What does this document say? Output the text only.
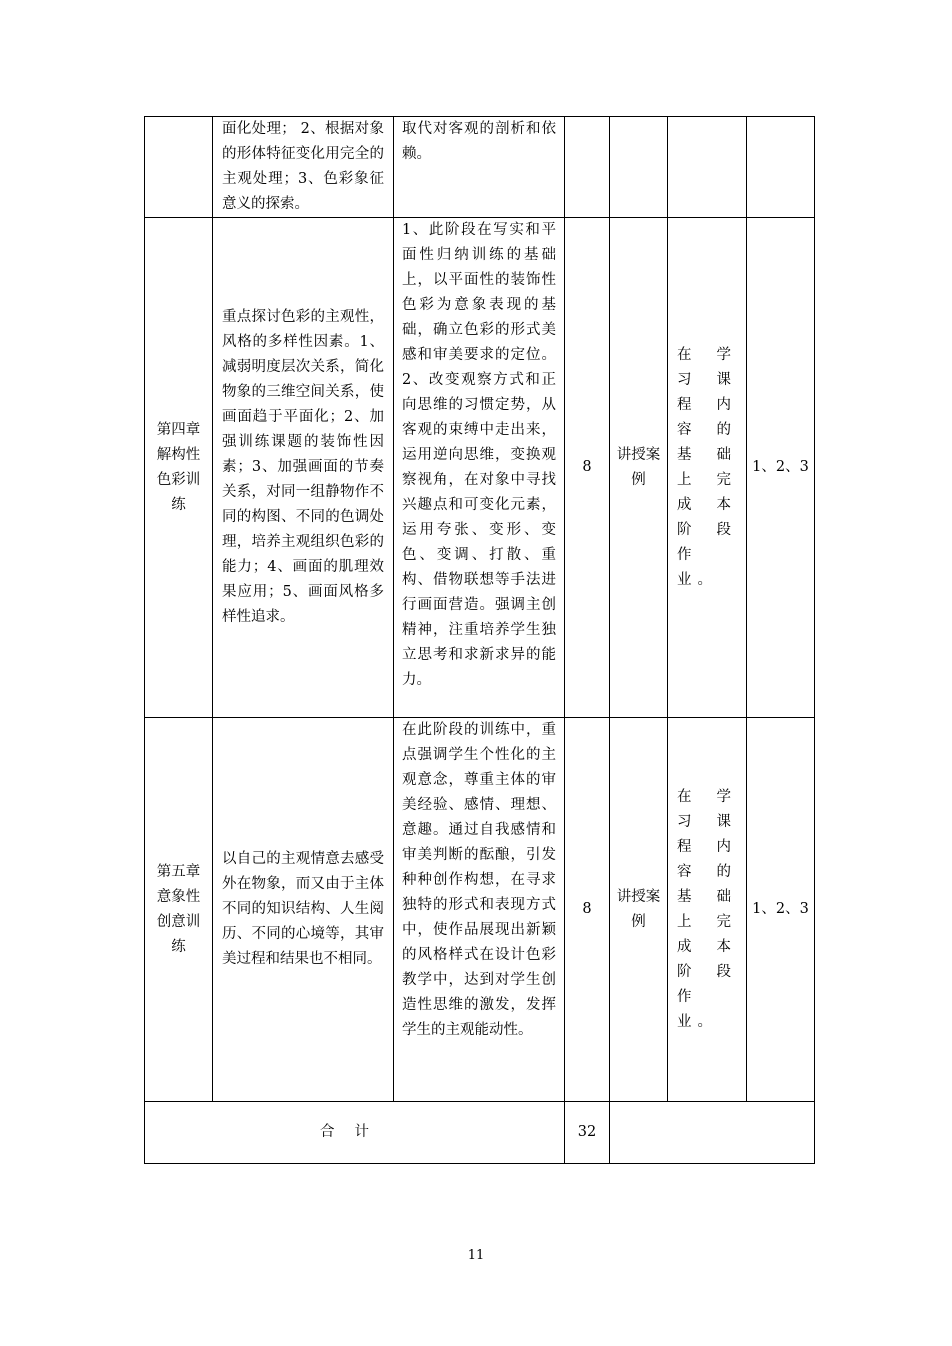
	面化处理； 2、根据对象的形体特征变化用完全的主观处理；3、色彩象征意义的探索。	取代对客观的剖析和依赖。				
第四章解构性色彩训练	重点探讨色彩的主观性，风格的多样性因素。1、减弱明度层次关系，简化物象的三维空间关系，使画面趋于平面化；2、加强训练课题的装饰性因素；3、加强画面的节奏关系，对同一组静物作不同的构图、不同的色调处理，培养主观组织色彩的能力；4、画面的肌理效果应用；5、画面风格多样性追求。	1、此阶段在写实和平面性归纳训练的基础上，以平面性的装饰性色彩为意象表现的基础，确立色彩的形式美感和审美要求的定位。2、改变观察方式和正向思维的习惯定势，从客观的束缚中走出来，运用逆向思维，变换观察视角，在对象中寻找兴趣点和可变化元素，运用夸张、变形、变色、变调、打散、重构、借物联想等手法进行画面营造。强调主创精神，注重培养学生独立思考和求新求异的能力。	8	讲授案例	在学习课程内容的基础上完成本阶段作业。	1、2、3
第五章意象性创意训练	以自己的主观情意去感受外在物象，而又由于主体不同的知识结构、人生阅历、不同的心境等，其审美过程和结果也不相同。	在此阶段的训练中，重点强调学生个性化的主观意念，尊重主体的审美经验、感情、理想、意趣。通过自我感情和审美判断的酝酿，引发种种创作构想，在寻求独特的形式和表现方式中，使作品展现出新颖的风格样式在设计色彩教学中，达到对学生创造性思维的激发，发挥学生的主观能动性。	8	讲授案例	在学习课程内容的基础上完成本阶段作业。	1、2、3
合计			32			
11
